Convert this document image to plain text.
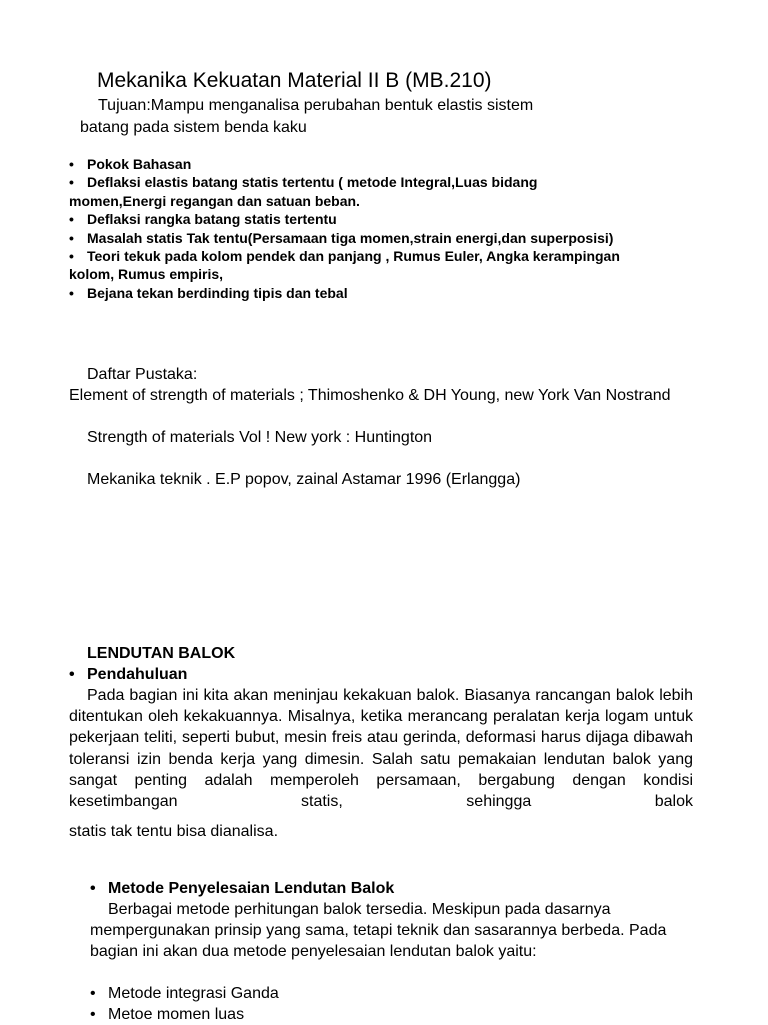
Mekanika Kekuatan Material II B (MB.210)
Tujuan:Mampu menganalisa perubahan bentuk elastis sistem
batang pada sistem benda kaku
• Pokok Bahasan
• Deflaksi elastis batang statis tertentu ( metode Integral,Luas bidang momen,Energi regangan dan satuan beban.
• Deflaksi rangka batang statis tertentu
• Masalah statis Tak tentu(Persamaan tiga momen,strain energi,dan superposisi)
• Teori tekuk pada kolom pendek dan panjang , Rumus Euler, Angka kerampingan kolom, Rumus empiris,
• Bejana tekan berdinding tipis dan tebal

Daftar Pustaka:

Element of strength of materials ; Thimoshenko & DH Young, new York Van Nostrand

Strength of materials Vol ! New york : Huntington

Mekanika teknik . E.P popov, zainal Astamar 1996 (Erlangga)

LENDUTAN BALOK
• Pendahuluan
Pada bagian ini kita akan meninjau kekakuan balok. Biasanya rancangan balok lebih ditentukan oleh kekakuannya. Misalnya, ketika merancang peralatan kerja logam untuk pekerjaan teliti, seperti bubut, mesin freis atau gerinda, deformasi harus dijaga dibawah toleransi izin benda kerja yang dimesin. Salah satu pemakaian lendutan balok yang sangat penting adalah memperoleh persamaan, bergabung dengan kondisi kesetimbangan statis, sehingga balok
statis tak tentu bisa dianalisa.
• Metode Penyelesaian Lendutan Balok
Berbagai metode perhitungan balok tersedia. Meskipun pada dasarnya mempergunakan prinsip yang sama, tetapi teknik dan sasarannya berbeda. Pada bagian ini akan dua metode penyelesaian lendutan balok yaitu:
• Metode integrasi Ganda
• Metoe momen luas
